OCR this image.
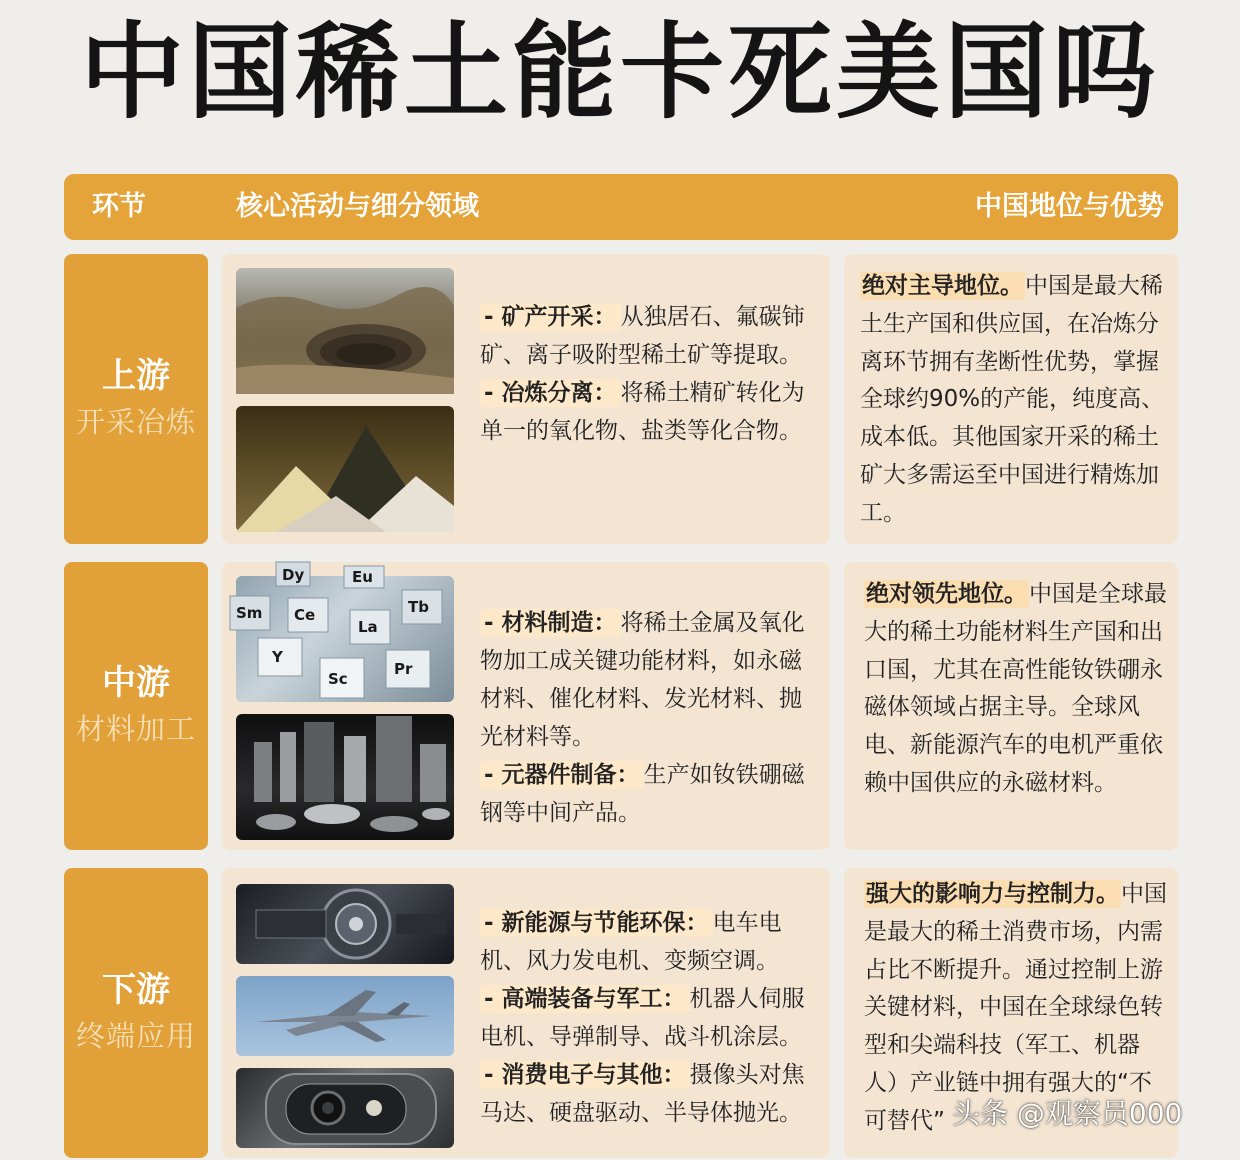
中国稀土能卡死美国吗
环节	核心活动与细分领域	中国地位与优势
上游
开采冶炼
- 矿产开采： 从独居石、氟碳铈矿、离子吸附型稀土矿等提取。
- 冶炼分离： 将稀土精矿转化为单一的氧化物、盐类等化合物。
绝对主导地位。中国是最大稀土生产国和供应国，在冶炼分离环节拥有垄断性优势，掌握全球约90%的产能，纯度高、成本低。其他国家开采的稀土矿大多需运至中国进行精炼加工。
中游
材料加工
Sm Ce
Eu
Tb
La
Y
Pr
Sc
Dy
- 材料制造： 将稀土金属及氧化物加工成关键功能材料，如永磁材料、催化材料、发光材料、抛光材料等。
- 元器件制备： 生产如钕铁硼磁钢等中间产品。
绝对领先地位。中国是全球最大的稀土功能材料生产国和出口国，尤其在高性能钕铁硼永磁体领域占据主导。全球风电、新能源汽车的电机严重依赖中国供应的永磁材料。
下游
终端应用
- 新能源与节能环保： 电车电机、风力发电机、变频空调。
- 高端装备与军工： 机器人伺服电机、导弹制导、战斗机涂层。
- 消费电子与其他： 摄像头对焦马达、硬盘驱动、半导体抛光。
强大的影响力与控制力。中国是最大的稀土消费市场，内需占比不断提升。通过控制上游关键材料，中国在全球绿色转型和尖端科技（军工、机器人）产业链中拥有强大的“不可替代” 头条 @观察员000
